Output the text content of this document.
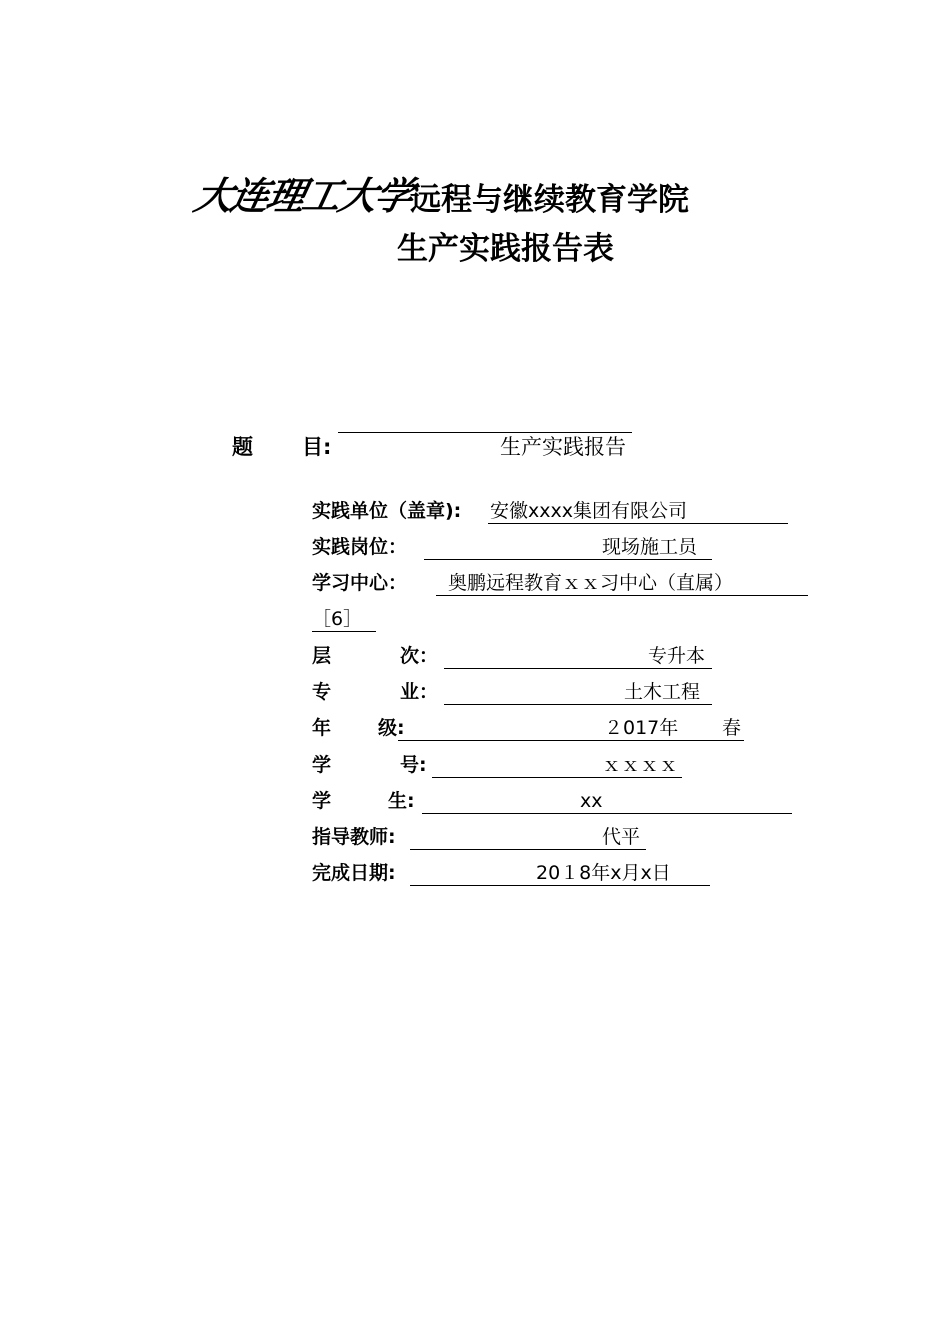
大连理工大学
远程与继续教育学院
生产实践报告表
题 目:	生产实践报告
实践单位（盖章): 安徽xxxx集团有限公司
实践岗位：	现场施工员
学习中心： 奥鹏远程教育ｘｘ习中心（直属）
［6］
层	次：	专升本
专	业：	土木工程
年 级:	２017年 春
学	号:	ｘｘｘｘ
学	生:	xx
指导教师:	代平
完成日期:	20１8年x月x日
